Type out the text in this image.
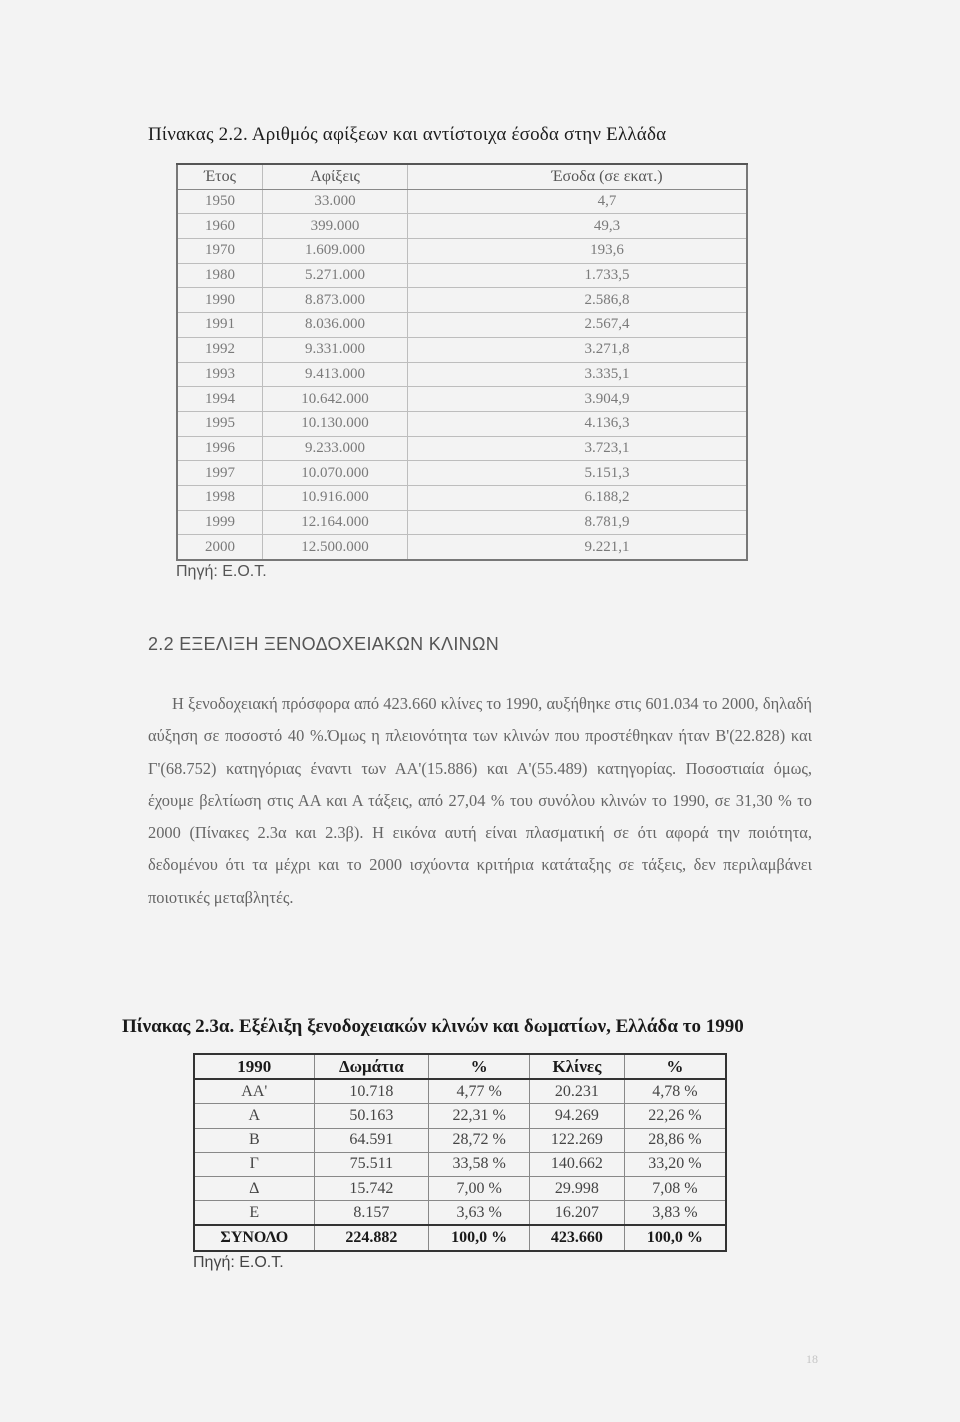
Πίνακας 2.2. Αριθμός αφίξεων και αντίστοιχα έσοδα στην Ελλάδα
Έτος	Αφίξεις	Έσοδα (σε εκατ.)
1950	33.000	4,7
1960	399.000	49,3
1970	1.609.000	193,6
1980	5.271.000	1.733,5
1990	8.873.000	2.586,8
1991	8.036.000	2.567,4
1992	9.331.000	3.271,8
1993	9.413.000	3.335,1
1994	10.642.000	3.904,9
1995	10.130.000	4.136,3
1996	9.233.000	3.723,1
1997	10.070.000	5.151,3
1998	10.916.000	6.188,2
1999	12.164.000	8.781,9
2000	12.500.000	9.221,1
Πηγή: Ε.Ο.Τ.
2.2 ΕΞΕΛΙΞΗ ΞΕΝΟΔΟΧΕΙΑΚΩΝ ΚΛΙΝΩΝ
Η ξενοδοχειακή πρόσφορα από 423.660 κλίνες το 1990, αυξήθηκε στις 601.034 το 2000, δηλαδή αύξηση σε ποσοστό 40 %.Όμως η πλειονότητα των κλινών που προστέθηκαν ήταν Β'(22.828) και Γ'(68.752) κατηγόριας έναντι των ΑΑ'(15.886) και Α'(55.489) κατηγορίας. Ποσοστιαία όμως, έχουμε βελτίωση στις ΑΑ και Α τάξεις, από 27,04 % του συνόλου κλινών το 1990, σε 31,30 % το 2000 (Πίνακες 2.3α και 2.3β). Η εικόνα αυτή είναι πλασματική σε ότι αφορά την ποιότητα, δεδομένου ότι τα μέχρι και το 2000 ισχύοντα κριτήρια κατάταξης σε τάξεις, δεν περιλαμβάνει ποιοτικές μεταβλητές.
Πίνακας 2.3α. Εξέλιξη ξενοδοχειακών κλινών και δωματίων, Ελλάδα το 1990
1990	Δωμάτια	%	Κλίνες	%
ΑΑ'	10.718	4,77 %	20.231	4,78 %
Α	50.163	22,31 %	94.269	22,26 %
Β	64.591	28,72 %	122.269	28,86 %
Γ	75.511	33,58 %	140.662	33,20 %
Δ	15.742	7,00 %	29.998	7,08 %
Ε	8.157	3,63 %	16.207	3,83 %
ΣΥΝΟΛΟ	224.882	100,0 %	423.660	100,0 %
Πηγή: Ε.Ο.Τ.
18
